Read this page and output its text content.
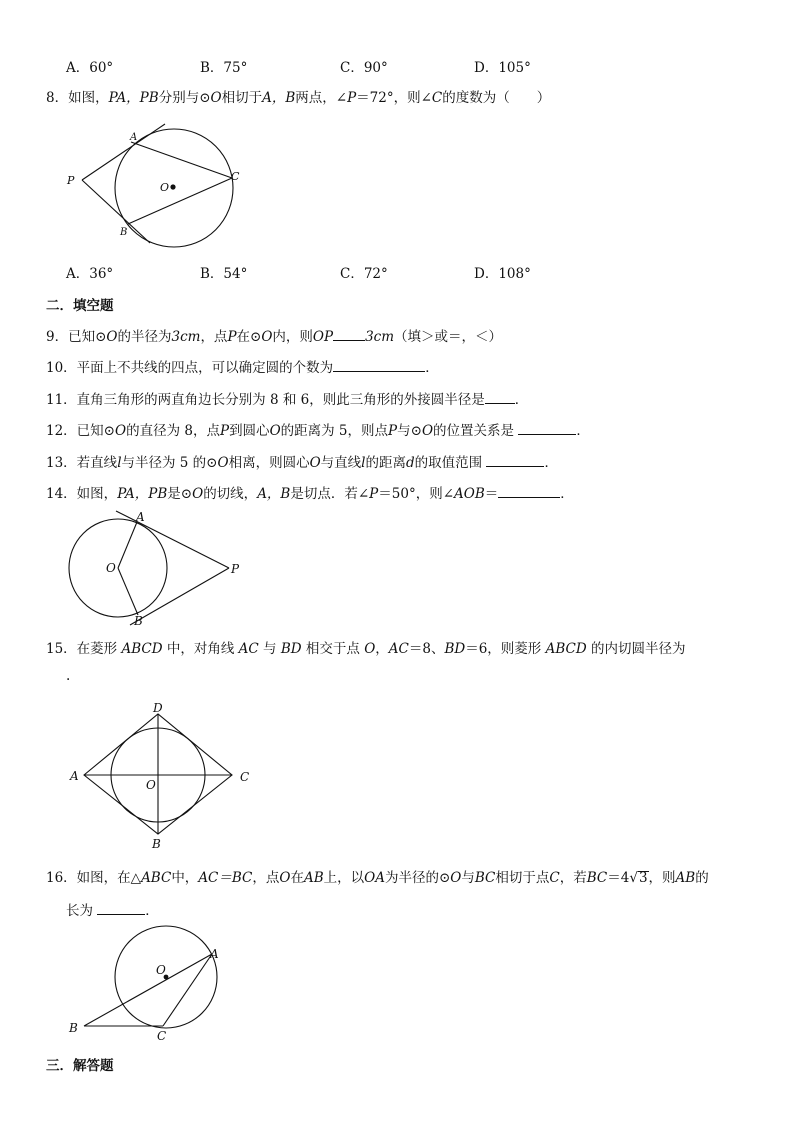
A．60°	B．75°	C．90°	D．105°
8．如图，PA，PB分别与⊙O相切于A，B两点，∠P＝72°，则∠C的度数为（　　）
A
B
C
P
O
A．36°	B．54°	C．72°	D．108°
二．填空题
9．已知⊙O的半径为3cm，点P在⊙O内，则OP 3cm（填＞或＝，＜）
10．平面上不共线的四点，可以确定圆的个数为	．
11．直角三角形的两直角边长分别为 8 和 6，则此三角形的外接圆半径是 ．
12．已知⊙O的直径为 8，点P到圆心O的距离为 5，则点P与⊙O的位置关系是	．
13．若直线l与半径为 5 的⊙O相离，则圆心O与直线l的距离d的取值范围	．
14．如图，PA，PB是⊙O的切线，A，B是切点．若∠P＝50°，则∠AOB＝	．
A
B
O	P
15．在菱形 ABCD 中，对角线 AC 与 BD 相交于点 O，AC＝8、BD＝6，则菱形 ABCD 的内切圆半径为
.
D
A	C
B
O
16．如图，在△ABC中，AC＝BC，点O在AB上，以OA为半径的⊙O与BC相切于点C，若BC＝4√3，则AB的
长为	．
O
A
B
C
三．解答题
